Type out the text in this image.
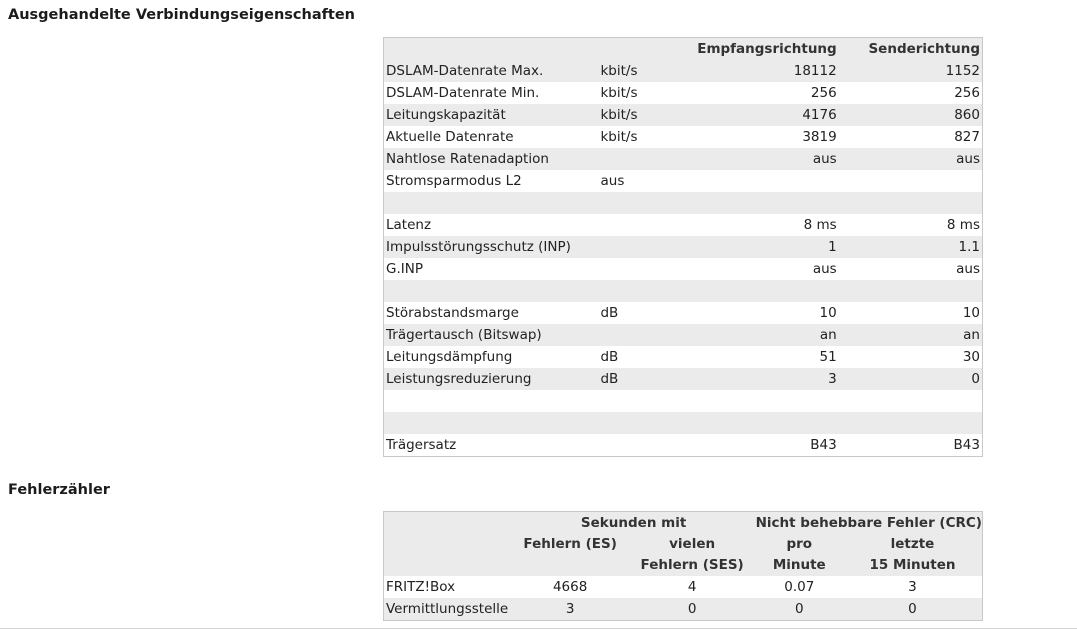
Ausgehandelte Verbindungseigenschaften
		Empfangsrichtung	Senderichtung
DSLAM-Datenrate Max.	kbit/s	18112	1152
DSLAM-Datenrate Min.	kbit/s	256	256
Leitungskapazität	kbit/s	4176	860
Aktuelle Datenrate	kbit/s	3819	827
Nahtlose Ratenadaption		aus	aus
Stromsparmodus L2	aus		

Latenz		8 ms	8 ms
Impulsstörungsschutz (INP)		1	1.1
G.INP		aus	aus

Störabstandsmarge	dB	10	10
Trägertausch (Bitswap)		an	an
Leitungsdämpfung	dB	51	30
Leistungsreduzierung	dB	3	0

Trägersatz		B43	B43
Fehlerzähler
	Sekunden mit		Nicht behebbare Fehler (CRC)	
	Fehlern (ES)	vielen	pro	letzte
		Fehlern (SES)	Minute	15 Minuten
FRITZ!Box	4668	4	0.07	3
Vermittlungsstelle	3	0	0	0
